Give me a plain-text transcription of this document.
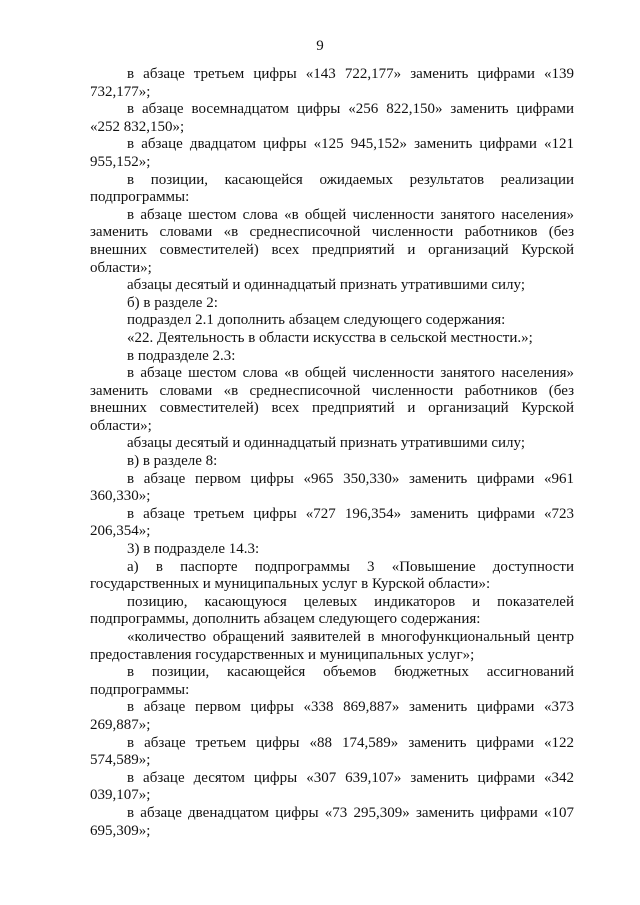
9

в абзаце третьем цифры «143 722,177» заменить цифрами «139 732,177»;

в абзаце восемнадцатом цифры «256 822,150» заменить цифрами «252 832,150»;

в абзаце двадцатом цифры «125 945,152» заменить цифрами «121 955,152»;

в позиции, касающейся ожидаемых результатов реализации подпрограммы:

в абзаце шестом слова «в общей численности занятого населения» заменить словами «в среднесписочной численности работников (без внешних совместителей) всех предприятий и организаций Курской области»;

абзацы десятый и одиннадцатый признать утратившими силу;

б) в разделе 2:

подраздел 2.1 дополнить абзацем следующего содержания:

«22. Деятельность в области искусства в сельской местности.»;

в подразделе 2.3:

в абзаце шестом слова «в общей численности занятого населения» заменить словами «в среднесписочной численности работников (без внешних совместителей) всех предприятий и организаций Курской области»;

абзацы десятый и одиннадцатый признать утратившими силу;

в) в разделе 8:

в абзаце первом цифры «965 350,330» заменить цифрами «961 360,330»;

в абзаце третьем цифры «727 196,354» заменить цифрами «723 206,354»;

3) в подразделе 14.3:

а) в паспорте подпрограммы 3 «Повышение доступности государственных и муниципальных услуг в Курской области»:

позицию, касающуюся целевых индикаторов и показателей подпрограммы, дополнить абзацем следующего содержания:

«количество обращений заявителей в многофункциональный центр предоставления государственных и муниципальных услуг»;

в позиции, касающейся объемов бюджетных ассигнований подпрограммы:

в абзаце первом цифры «338 869,887» заменить цифрами «373 269,887»;

в абзаце третьем цифры «88 174,589» заменить цифрами «122 574,589»;

в абзаце десятом цифры «307 639,107» заменить цифрами «342 039,107»;

в абзаце двенадцатом цифры «73 295,309» заменить цифрами «107 695,309»;
